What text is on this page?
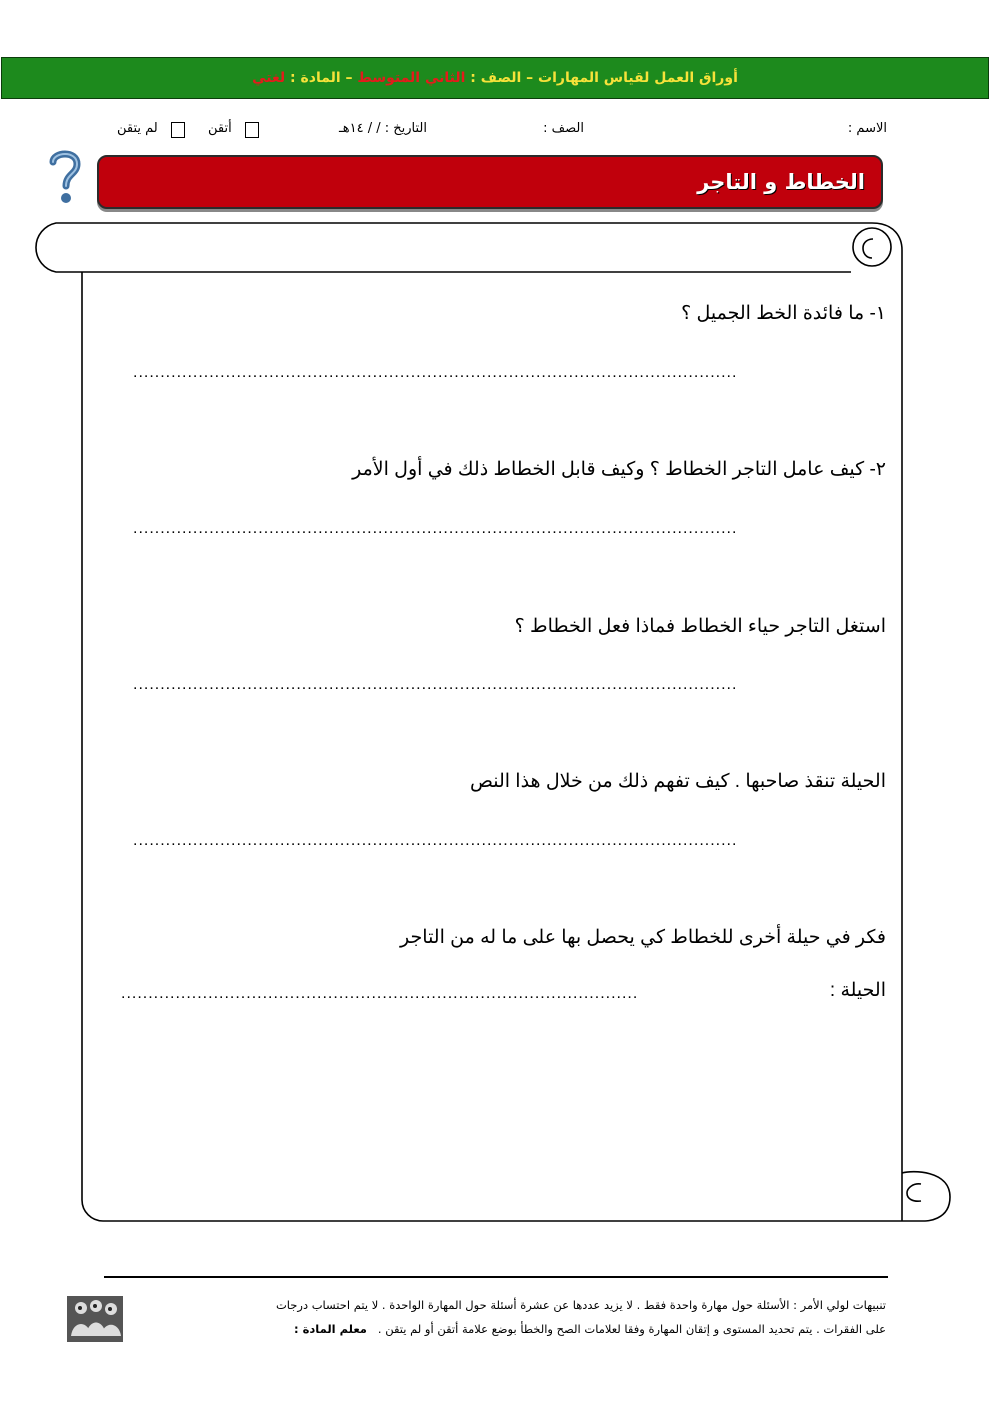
أوراق العمل لقياس المهارات – الصف : الثاني المتوسط – المادة : لغتي
الاسم :
الصف :
التاريخ : / / ١٤هـ
أتقن
لم يتقن
الخطاط و التاجر
١- ما فائدة الخط الجميل ؟
...............................................................................................................
٢- كيف عامل التاجر الخطاط ؟ وكيف قابل الخطاط ذلك في أول الأمر
...............................................................................................................
استغل التاجر حياء الخطاط فماذا فعل الخطاط ؟
...............................................................................................................
الحيلة تنقذ صاحبها . كيف تفهم ذلك من خلال هذا النص
...............................................................................................................
فكر في حيلة أخرى للخطاط كي يحصل بها على ما له من التاجر
الحيلة :
...............................................................................................
تنبيهات لولي الأمر : الأسئلة حول مهارة واحدة فقط . لا يزيد عددها عن عشرة أسئلة حول المهارة الواحدة . لا يتم احتساب درجات
على الفقرات . يتم تحديد المستوى و إتقان المهارة وفقا لعلامات الصح والخطأ بوضع علامة أتقن أو لم يتقن .   معلم المادة :
